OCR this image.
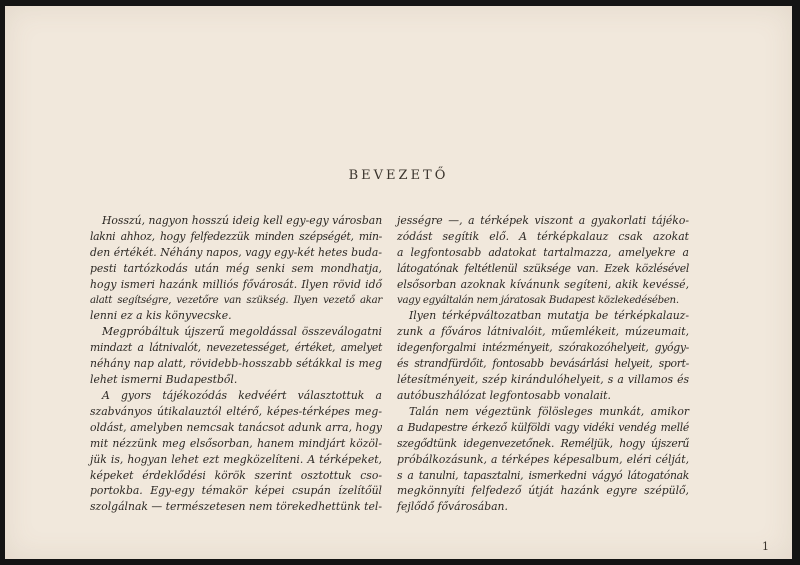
BEVEZETŐ
Hosszú, nagyon hosszú ideig kell egy-egy városban
lakni ahhoz, hogy felfedezzük minden szépségét, min-
den értékét. Néhány napos, vagy egy-két hetes buda-
pesti tartózkodás után még senki sem mondhatja,
hogy ismeri hazánk milliós fővárosát. Ilyen rövid idő
alatt segítségre, vezetőre van szükség. Ilyen vezető akar
lenni ez a kis könyvecske.
Megpróbáltuk újszerű megoldással összeválogatni
mindazt a látnivalót, nevezetességet, értéket, amelyet
néhány nap alatt, rövidebb-hosszabb sétákkal is meg
lehet ismerni Budapestből.
A gyors tájékozódás kedvéért választottuk a
szabványos útikalauztól eltérő, képes-térképes meg-
oldást, amelyben nemcsak tanácsot adunk arra, hogy
mit nézzünk meg elsősorban, hanem mindjárt közöl-
jük is, hogyan lehet ezt megközelíteni. A térképeket,
képeket érdeklődési körök szerint osztottuk cso-
portokba. Egy-egy témakör képei csupán ízelítőül
szolgálnak — természetesen nem törekedhettünk tel-
jességre —, a térképek viszont a gyakorlati tájéko-
zódást segítik elő. A térképkalauz csak azokat
a legfontosabb adatokat tartalmazza, amelyekre a
látogatónak feltétlenül szüksége van. Ezek közlésével
elsősorban azoknak kívánunk segíteni, akik kevéssé,
vagy egyáltalán nem járatosak Budapest közlekedésében.
Ilyen térképváltozatban mutatja be térképkalauz-
zunk a főváros látnivalóit, műemlékeit, múzeumait,
idegenforgalmi intézményeit, szórakozóhelyeit, gyógy-
és strandfürdőit, fontosabb bevásárlási helyeit, sport-
létesítményeit, szép kirándulóhelyeit, s a villamos és
autóbuszhálózat legfontosabb vonalait.
Talán nem végeztünk fölösleges munkát, amikor
a Budapestre érkező külföldi vagy vidéki vendég mellé
szegődtünk idegenvezetőnek. Reméljük, hogy újszerű
próbálkozásunk, a térképes képesalbum, eléri célját,
s a tanulni, tapasztalni, ismerkedni vágyó látogatónak
megkönnyíti felfedező útját hazánk egyre szépülő,
fejlődő fővárosában.
1
